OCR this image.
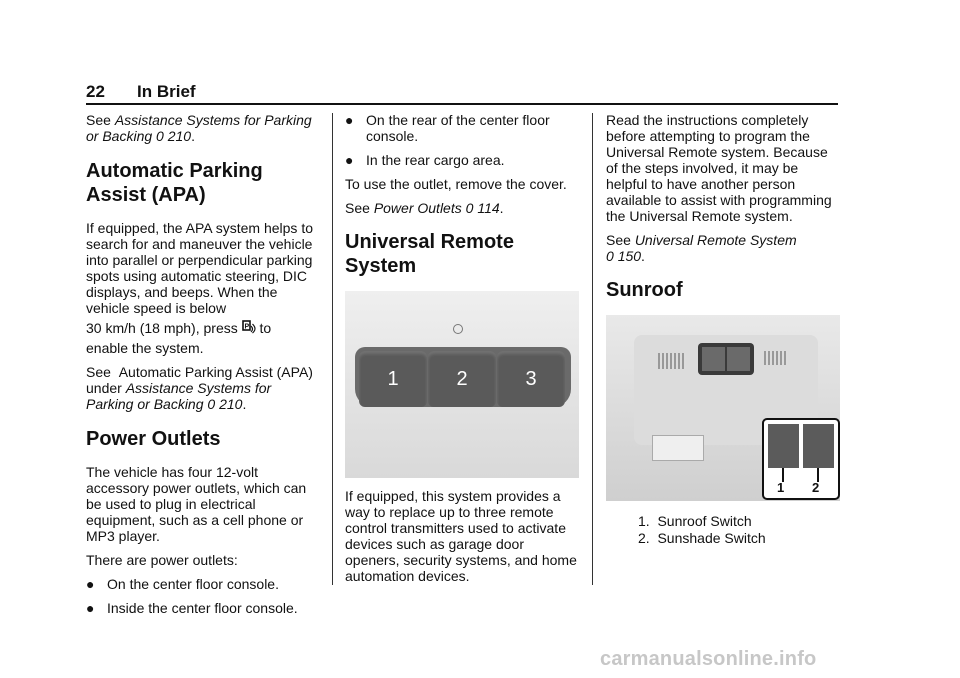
22 In Brief

See Assistance Systems for Parking or Backing 0 210.

Automatic Parking Assist (APA)

If equipped, the APA system helps to search for and maneuver the vehicle into parallel or perpendicular parking spots using automatic steering, DIC displays, and beeps. When the vehicle speed is below

30 km/h (18 mph), press P to

enable the system.

See  Automatic Parking Assist (APA)  under Assistance Systems for Parking or Backing 0 210.

Power Outlets

The vehicle has four 12-volt accessory power outlets, which can be used to plug in electrical equipment, such as a cell phone or MP3 player.

There are power outlets:

● On the center floor console.

● Inside the center floor console.

● On the rear of the center floor console.

● In the rear cargo area.

To use the outlet, remove the cover.

See Power Outlets 0 114.

Universal Remote System
1	2	3

If equipped, this system provides a way to replace up to three remote control transmitters used to activate devices such as garage door openers, security systems, and home automation devices.

Read the instructions completely before attempting to program the Universal Remote system. Because of the steps involved, it may be helpful to have another person available to assist with programming the Universal Remote system.

See Universal Remote System
0 150.

Sunroof
1 2
1. Sunroof Switch
2. Sunshade Switch
carmanualsonline.info
